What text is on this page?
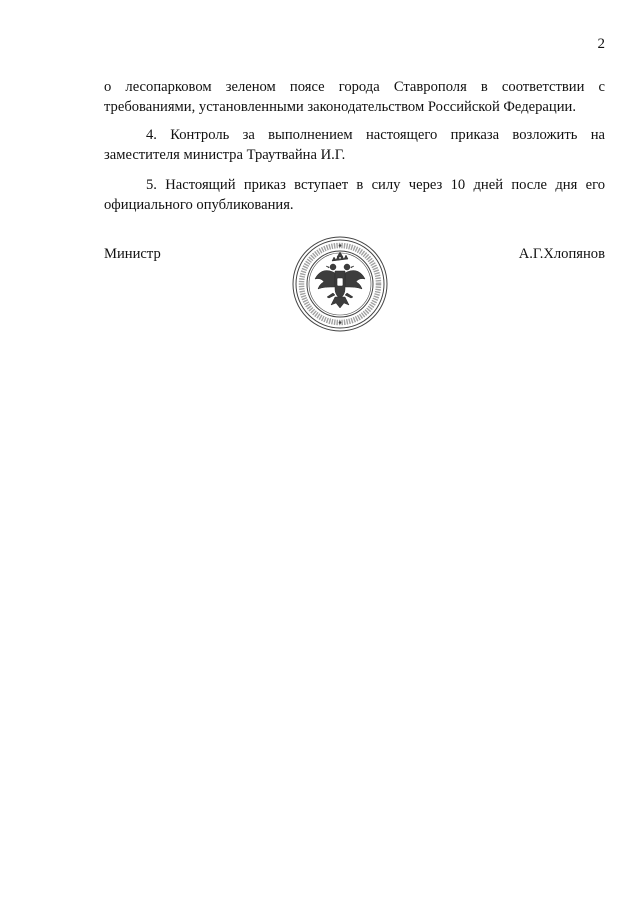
2

о лесопарковом зеленом поясе города Ставрополя в соответствии с требованиями, установленными законодательством Российской Федерации.

4. Контроль за выполнением настоящего приказа возложить на заместителя министра Траутвайна И.Г.

5. Настоящий приказ вступает в силу через 10 дней после дня его официального опубликования.

Министр	А.Г.Хлопянов
